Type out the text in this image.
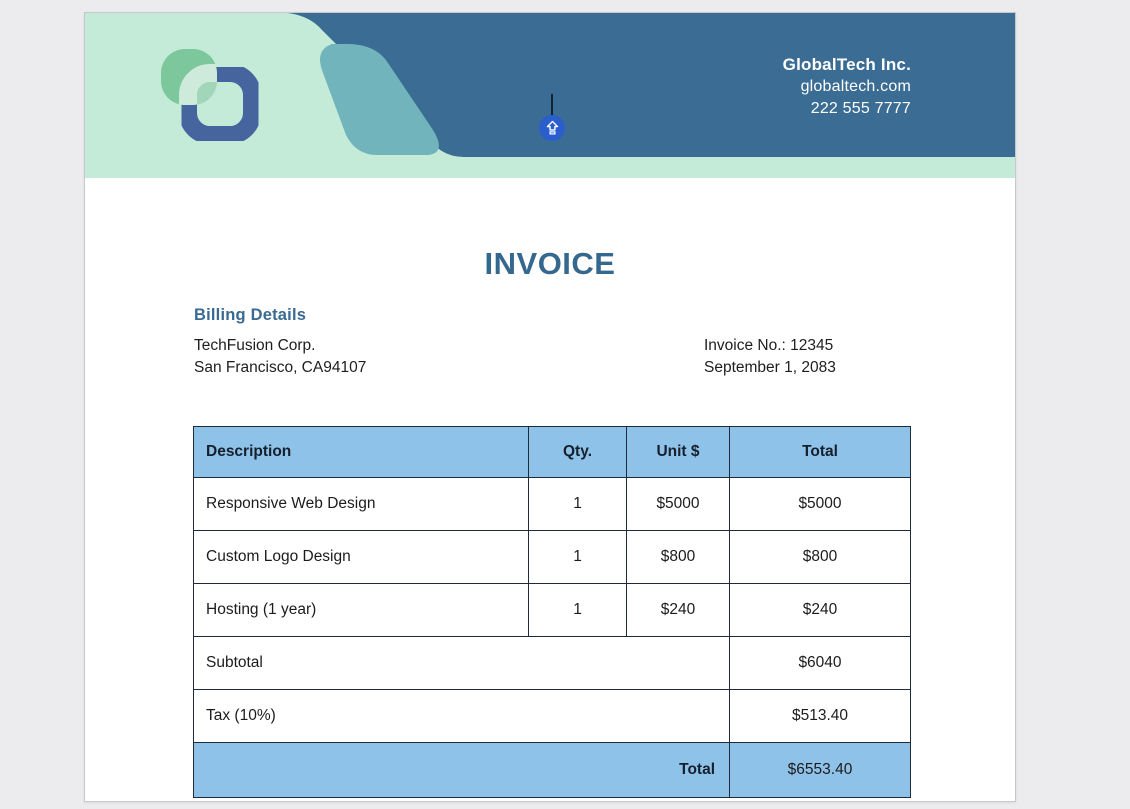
GlobalTech Inc.
globaltech.com
222 555 7777
INVOICE
Billing Details
TechFusion Corp.
San Francisco, CA94107
Invoice No.: 12345
September 1, 2083
Description	Qty.	Unit $	Total
Responsive Web Design	1	$5000	$5000
Custom Logo Design	1	$800	$800
Hosting (1 year)	1	$240	$240
Subtotal			$6040
Tax (10%)			$513.40
Total			$6553.40
